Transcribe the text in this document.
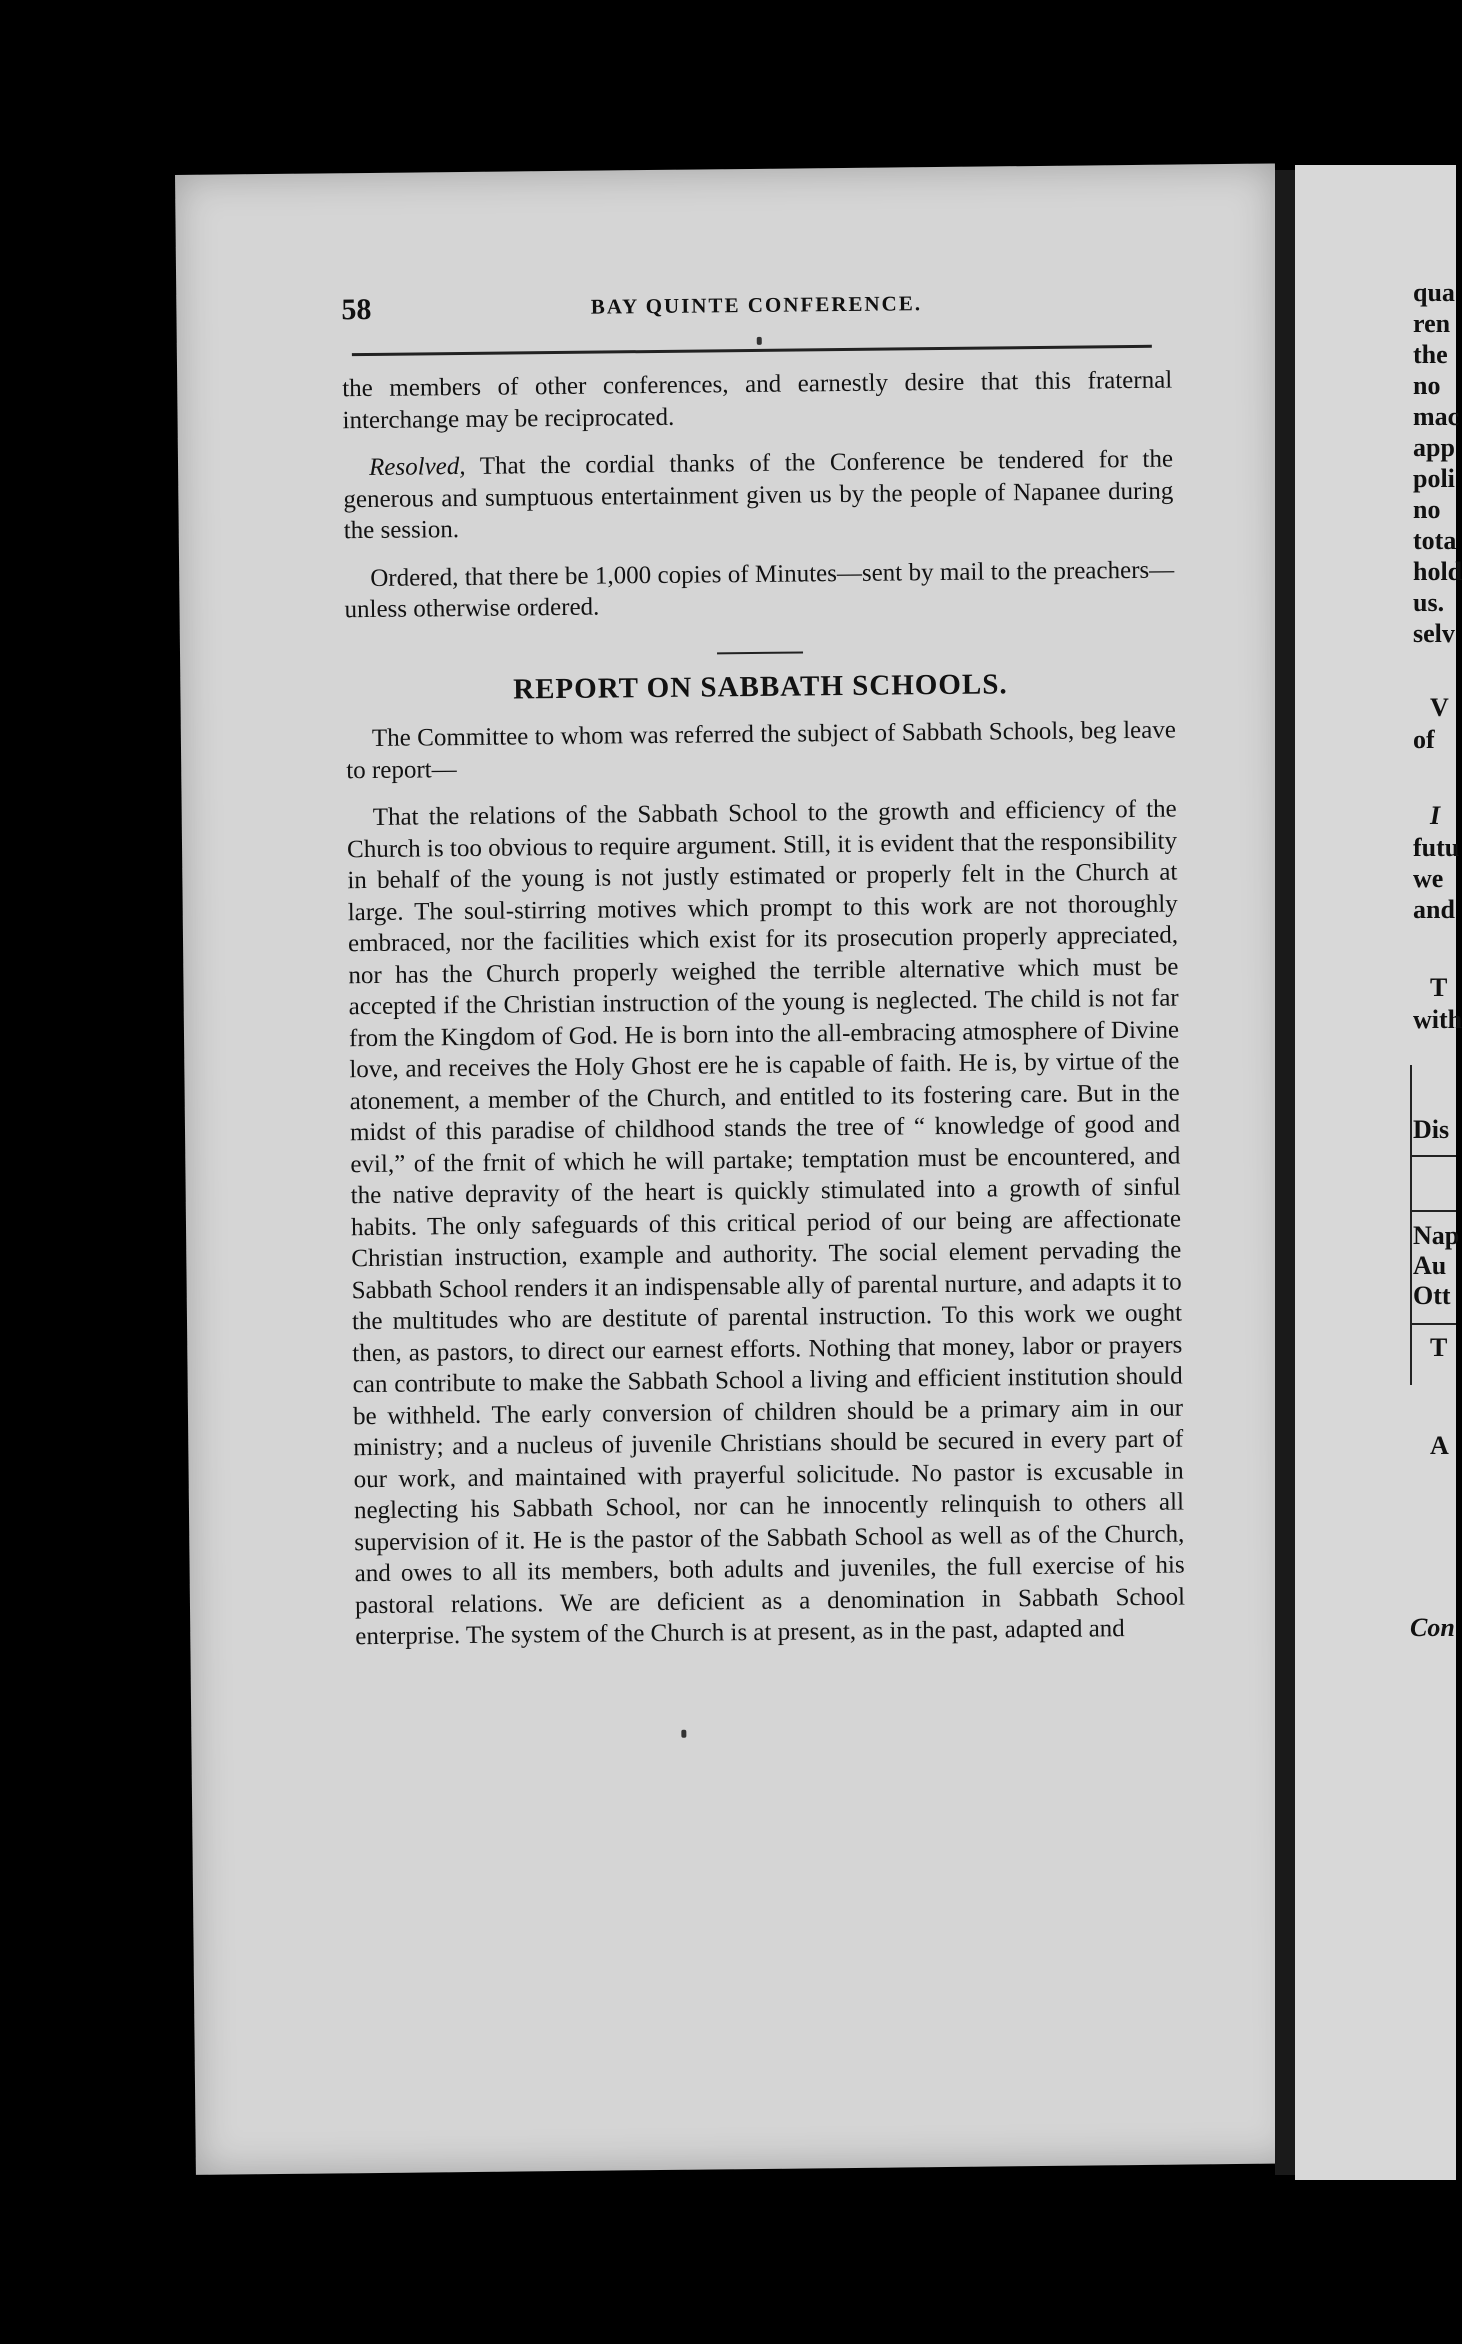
qua
ren
the
no
mac
app
poli
no
tota
hold
us.
selv
V
of
I
futu
we
and
T
with
Dis
Nap
Au
Ott
T
A
Con
58	BAY QUINTE CONFERENCE.

the members of other conferences, and earnestly desire that this fraternal interchange may be reciprocated.

Resolved, That the cordial thanks of the Conference be tendered for the generous and sumptuous entertainment given us by the people of Napanee during the session.

Ordered, that there be 1,000 copies of Minutes—sent by mail to the preachers—unless otherwise ordered.

REPORT ON SABBATH SCHOOLS.

The Committee to whom was referred the subject of Sabbath Schools, beg leave to report—

That the relations of the Sabbath School to the growth and efficiency of the Church is too obvious to require argument. Still, it is evident that the responsibility in behalf of the young is not justly estimated or properly felt in the Church at large. The soul-stirring motives which prompt to this work are not thoroughly embraced, nor the facilities which exist for its prosecution properly appreciated, nor has the Church properly weighed the terrible alternative which must be accepted if the Christian instruction of the young is neglected. The child is not far from the Kingdom of God. He is born into the all-embracing atmosphere of Divine love, and receives the Holy Ghost ere he is capable of faith. He is, by virtue of the atonement, a member of the Church, and entitled to its fostering care. But in the midst of this paradise of childhood stands the tree of “ knowledge of good and evil,” of the frnit of which he will partake; temptation must be encountered, and the native depravity of the heart is quickly stimulated into a growth of sinful habits. The only safeguards of this critical period of our being are affectionate Christian instruction, example and authority. The social element pervading the Sabbath School renders it an indispensable ally of parental nurture, and adapts it to the multitudes who are destitute of parental instruction. To this work we ought then, as pastors, to direct our earnest efforts. Nothing that money, labor or prayers can contribute to make the Sabbath School a living and efficient institution should be withheld. The early conversion of children should be a primary aim in our ministry; and a nucleus of juvenile Christians should be secured in every part of our work, and maintained with prayerful solicitude. No pastor is excusable in neglecting his Sabbath School, nor can he innocently relinquish to others all supervision of it. He is the pastor of the Sabbath School as well as of the Church, and owes to all its members, both adults and juveniles, the full exercise of his pastoral relations. We are deficient as a denomination in Sabbath School enterprise. The system of the Church is at present, as in the past, adapted and
